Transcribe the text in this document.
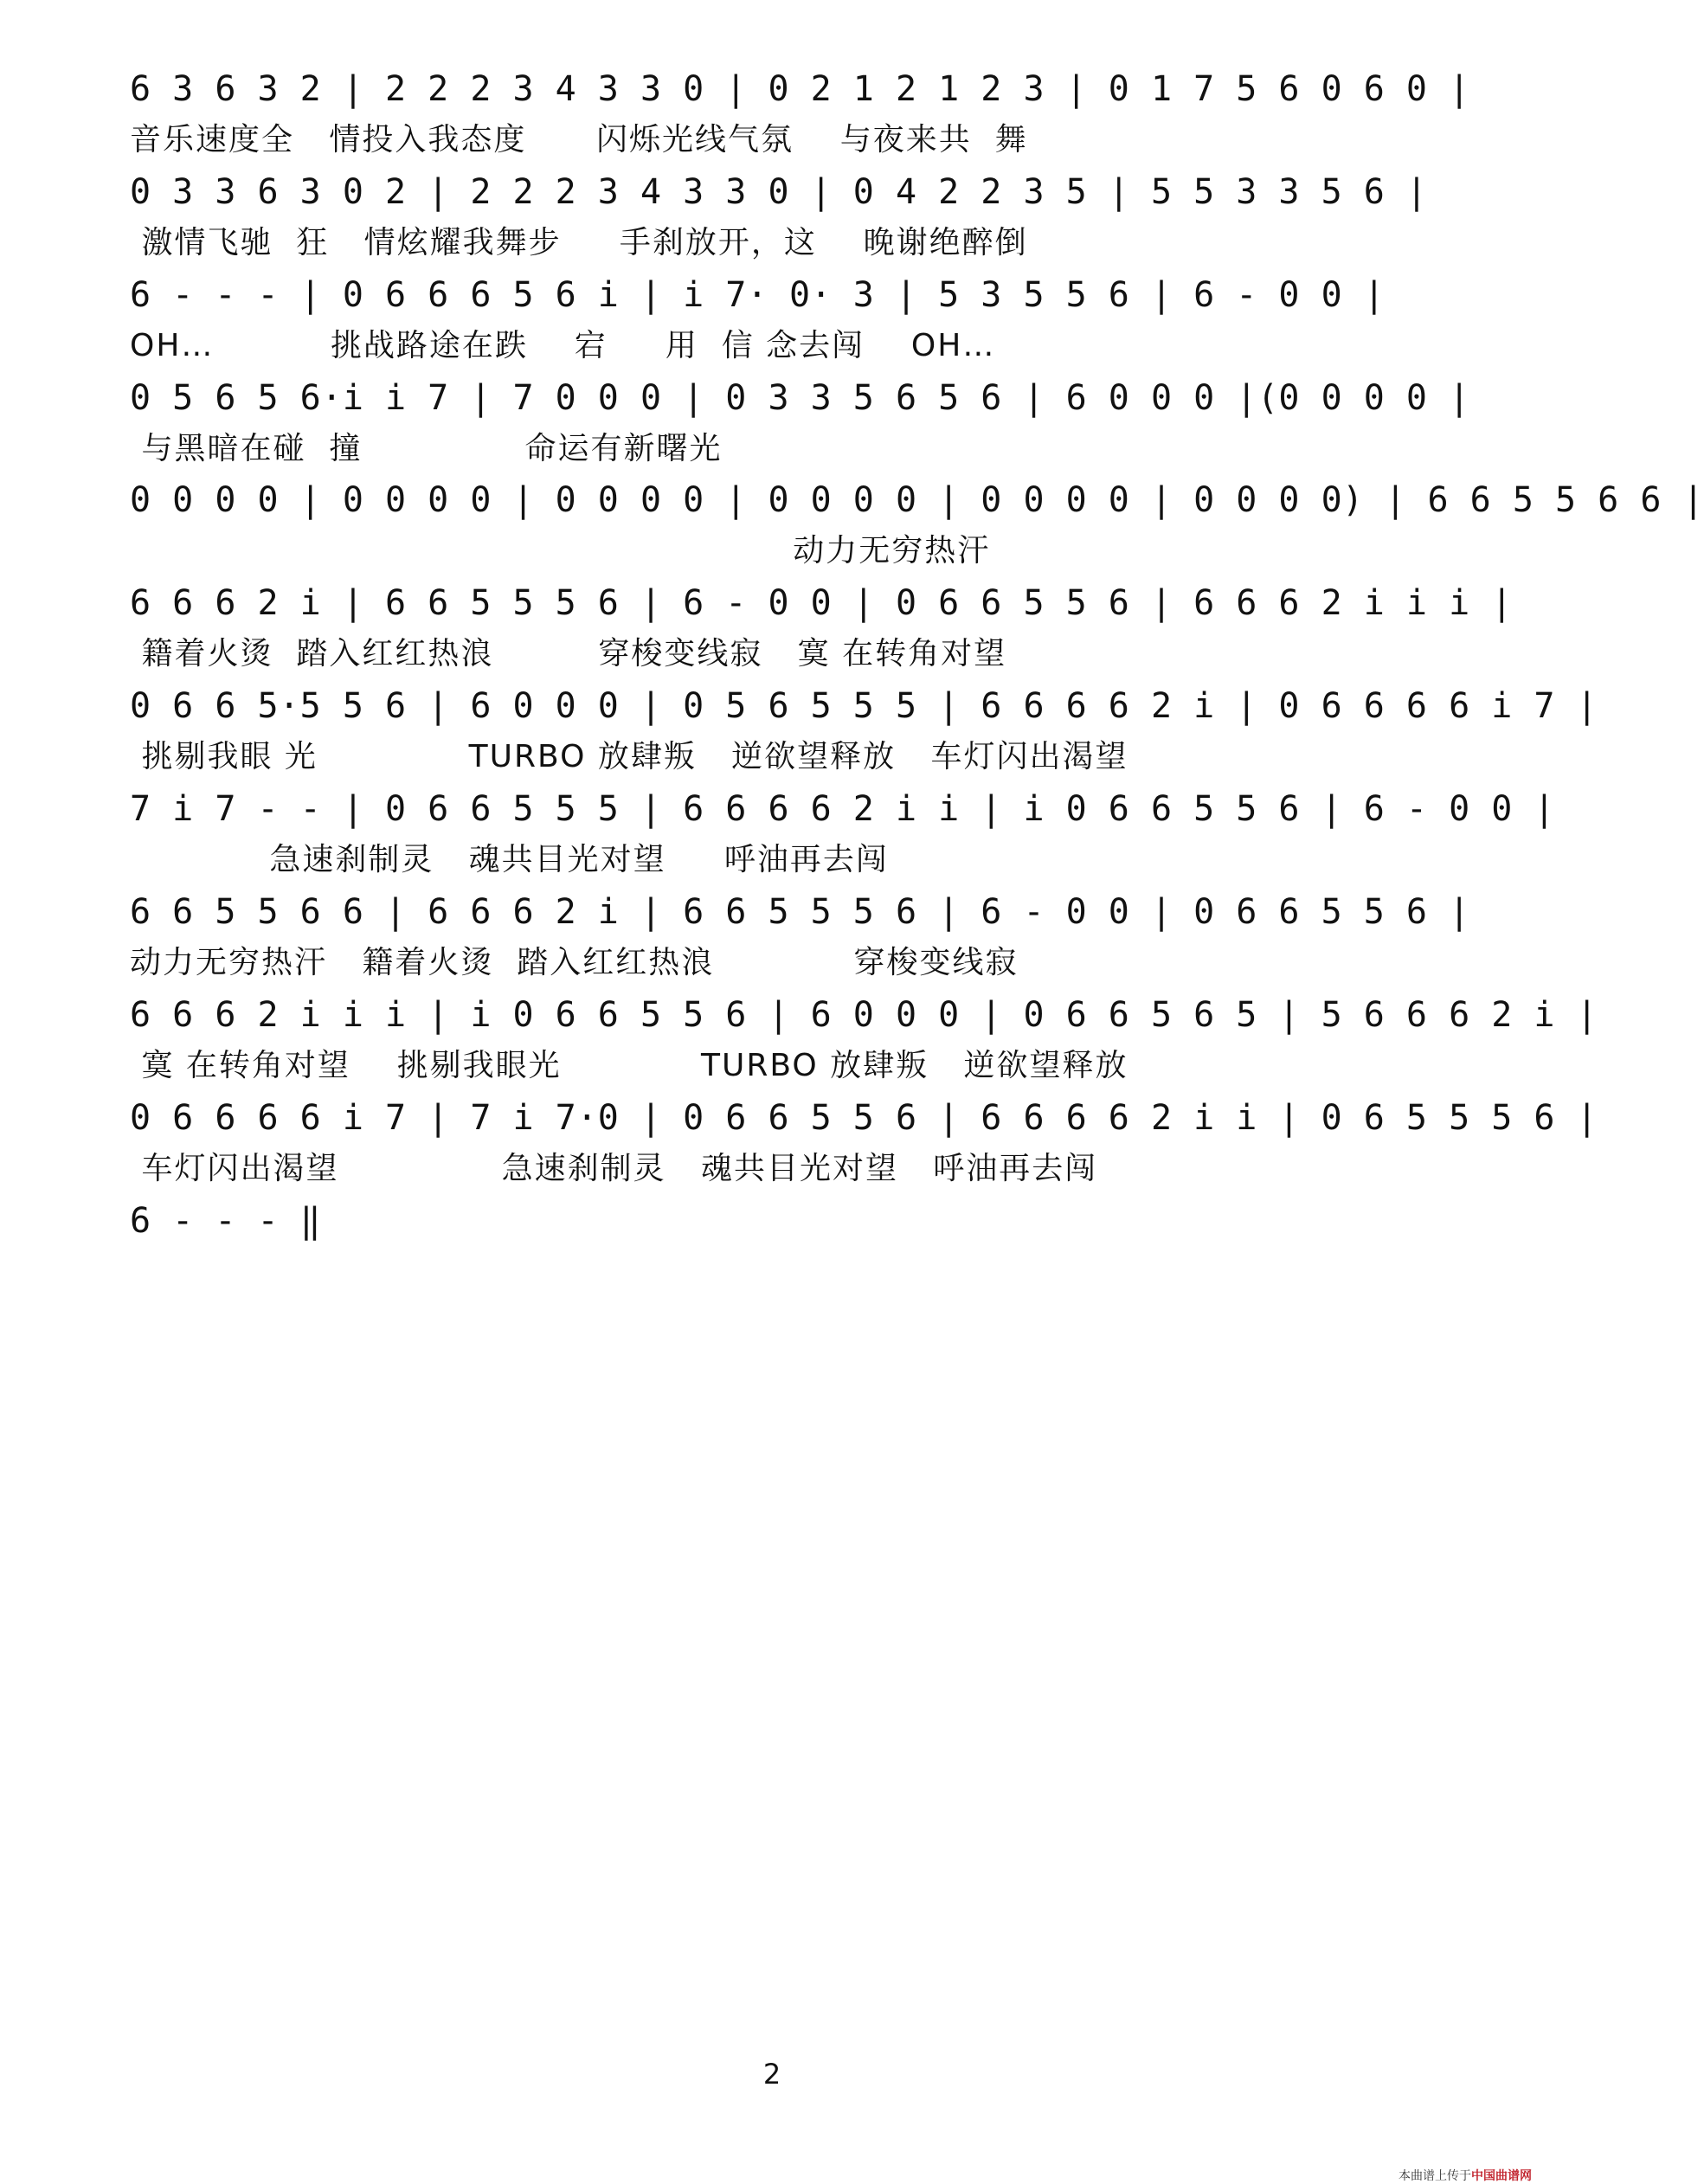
6 3 6 3 2 | 2 2 2 3 4 3 3 0 | 0 2 1 2 1 2 3 | 0 1 7 5 6 0 6 0 |
音乐速度全   情投入我态度      闪烁光线气氛    与夜来共  舞
0 3 3 6 3 0 2 | 2 2 2 3 4 3 3 0 | 0 4 2 2 3 5 | 5 5 3 3 5 6 |
激情飞驰  狂   情炫耀我舞步     手刹放开，这    晚谢绝醉倒
6 - - - | 0 6 6 6 5 6 i | i 7· 0· 3 | 5 3 5 5 6 | 6 - 0 0 |
OH…          挑战路途在跌    宕     用  信 念去闯    OH…
0 5 6 5 6·i i 7 | 7 0 0 0 | 0 3 3 5 6 5 6 | 6 0 0 0 |(0 0 0 0 |
与黑暗在碰  撞              命运有新曙光
0 0 0 0 | 0 0 0 0 | 0 0 0 0 | 0 0 0 0 | 0 0 0 0 | 0 0 0 0) | 6 6 5 5 6 6 |
动力无穷热汗
6 6 6 2 i | 6 6 5 5 5 6 | 6 - 0 0 | 0 6 6 5 5 6 | 6 6 6 2 i i i |
籍着火烫  踏入红红热浪         穿梭变线寂   寞 在转角对望
0 6 6 5·5 5 6 | 6 0 0 0 | 0 5 6 5 5 5 | 6 6 6 6 2 i | 0 6 6 6 6 i 7 |
挑剔我眼 光             TURBO 放肆叛   逆欲望释放   车灯闪出渴望
7 i 7 - - | 0 6 6 5 5 5 | 6 6 6 6 2 i i | i 0 6 6 5 5 6 | 6 - 0 0 |
急速刹制灵   魂共目光对望     呼油再去闯
6 6 5 5 6 6 | 6 6 6 2 i | 6 6 5 5 5 6 | 6 - 0 0 | 0 6 6 5 5 6 |
动力无穷热汗   籍着火烫  踏入红红热浪            穿梭变线寂
6 6 6 2 i i i | i 0 6 6 5 5 6 | 6 0 0 0 | 0 6 6 5 6 5 | 5 6 6 6 2 i |
寞 在转角对望    挑剔我眼光            TURBO 放肆叛   逆欲望释放
0 6 6 6 6 i 7 | 7 i 7·0 | 0 6 6 5 5 6 | 6 6 6 6 2 i i | 0 6 5 5 5 6 |
车灯闪出渴望              急速刹制灵   魂共目光对望   呼油再去闯
6 - - - ‖
2
本曲谱上传于中国曲谱网
